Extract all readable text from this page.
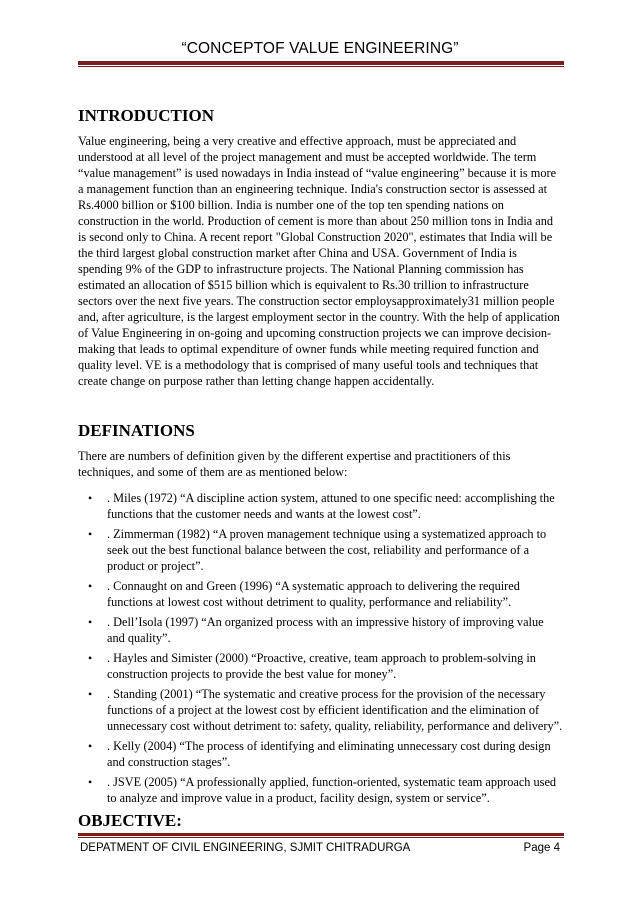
“CONCEPTOF VALUE ENGINEERING”
INTRODUCTION

Value engineering, being a very creative and effective approach, must be appreciated and understood at all level of the project management and must be accepted worldwide. The term “value management” is used nowadays in India instead of “value engineering” because it is more a management function than an engineering technique. India's construction sector is assessed at Rs.4000 billion or $100 billion. India is number one of the top ten spending nations on construction in the world. Production of cement is more than about 250 million tons in India and is second only to China. A recent report "Global Construction 2020", estimates that India will be the third largest global construction market after China and USA. Government of India is spending 9% of the GDP to infrastructure projects. The National Planning commission has estimated an allocation of $515 billion which is equivalent to Rs.30 trillion to infrastructure sectors over the next five years. The construction sector employsapproximately31 million people and, after agriculture, is the largest employment sector in the country. With the help of application of Value Engineering in on-going and upcoming construction projects we can improve decision-making that leads to optimal expenditure of owner funds while meeting required function and quality level. VE is a methodology that is comprised of many useful tools and techniques that create change on purpose rather than letting change happen accidentally.

DEFINATIONS

There are numbers of definition given by the different expertise and practitioners of this techniques, and some of them are as mentioned below:

• . Miles (1972) “A discipline action system, attuned to one specific need: accomplishing the functions that the customer needs and wants at the lowest cost”.
• . Zimmerman (1982) “A proven management technique using a systematized approach to seek out the best functional balance between the cost, reliability and performance of a product or project”.
• . Connaught on and Green (1996) “A systematic approach to delivering the required functions at lowest cost without detriment to quality, performance and reliability”.
• . Dell’Isola (1997) “An organized process with an impressive history of improving value and quality”.
• . Hayles and Simister (2000) “Proactive, creative, team approach to problem-solving in construction projects to provide the best value for money”.
• . Standing (2001) “The systematic and creative process for the provision of the necessary functions of a project at the lowest cost by efficient identification and the elimination of unnecessary cost without detriment to: safety, quality, reliability, performance and delivery”.
• . Kelly (2004) “The process of identifying and eliminating unnecessary cost during design and construction stages”.
• . JSVE (2005) “A professionally applied, function-oriented, systematic team approach used to analyze and improve value in a product, facility design, system or service”.
OBJECTIVE:
DEPATMENT OF CIVIL ENGINEERING, SJMIT CHITRADURGA	Page 4
